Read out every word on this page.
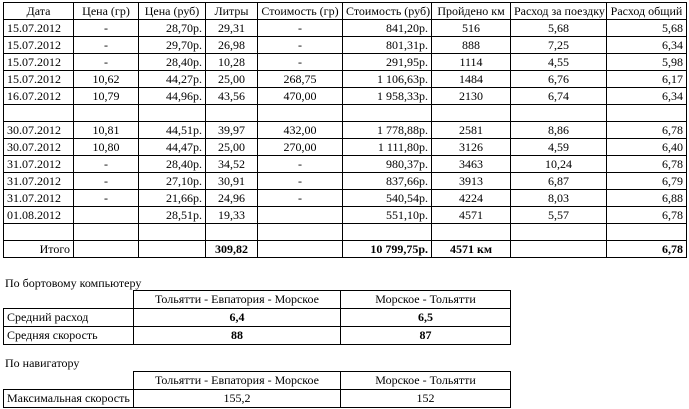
Дата	Цена (гр)	Цена (руб)	Литры	Стоимость (гр)	Стоимость (руб)	Пройдено км	Расход за поездку	Расход общий
15.07.2012	-	28,70р.	29,31	-	841,20р.	516	5,68	5,68
15.07.2012	-	29,70р.	26,98	-	801,31р.	888	7,25	6,34
15.07.2012	-	28,40р.	10,28	-	291,95р.	1114	4,55	5,98
15.07.2012	10,62	44,27р.	25,00	268,75	1 106,63р.	1484	6,76	6,17
16.07.2012	10,79	44,96р.	43,56	470,00	1 958,33р.	2130	6,74	6,34

30.07.2012	10,81	44,51р.	39,97	432,00	1 778,88р.	2581	8,86	6,78
30.07.2012	10,80	44,47р.	25,00	270,00	1 111,80р.	3126	4,59	6,40
31.07.2012	-	28,40р.	34,52	-	980,37р.	3463	10,24	6,78
31.07.2012	-	27,10р.	30,91	-	837,66р.	3913	6,87	6,79
31.07.2012	-	21,66р.	24,96	-	540,54р.	4224	8,03	6,88
01.08.2012		28,51р.	19,33		551,10р.	4571	5,57	6,78

Итого			309,82		10 799,75р.	4571 км		6,78
По бортовому компьютеру
	Тольятти - Евпатория - Морское	Морское - Тольятти
Средний расход	6,4	6,5
Средняя скорость	88	87
По навигатору
	Тольятти - Евпатория - Морское	Морское - Тольятти
Максимальная скорость	155,2	152
